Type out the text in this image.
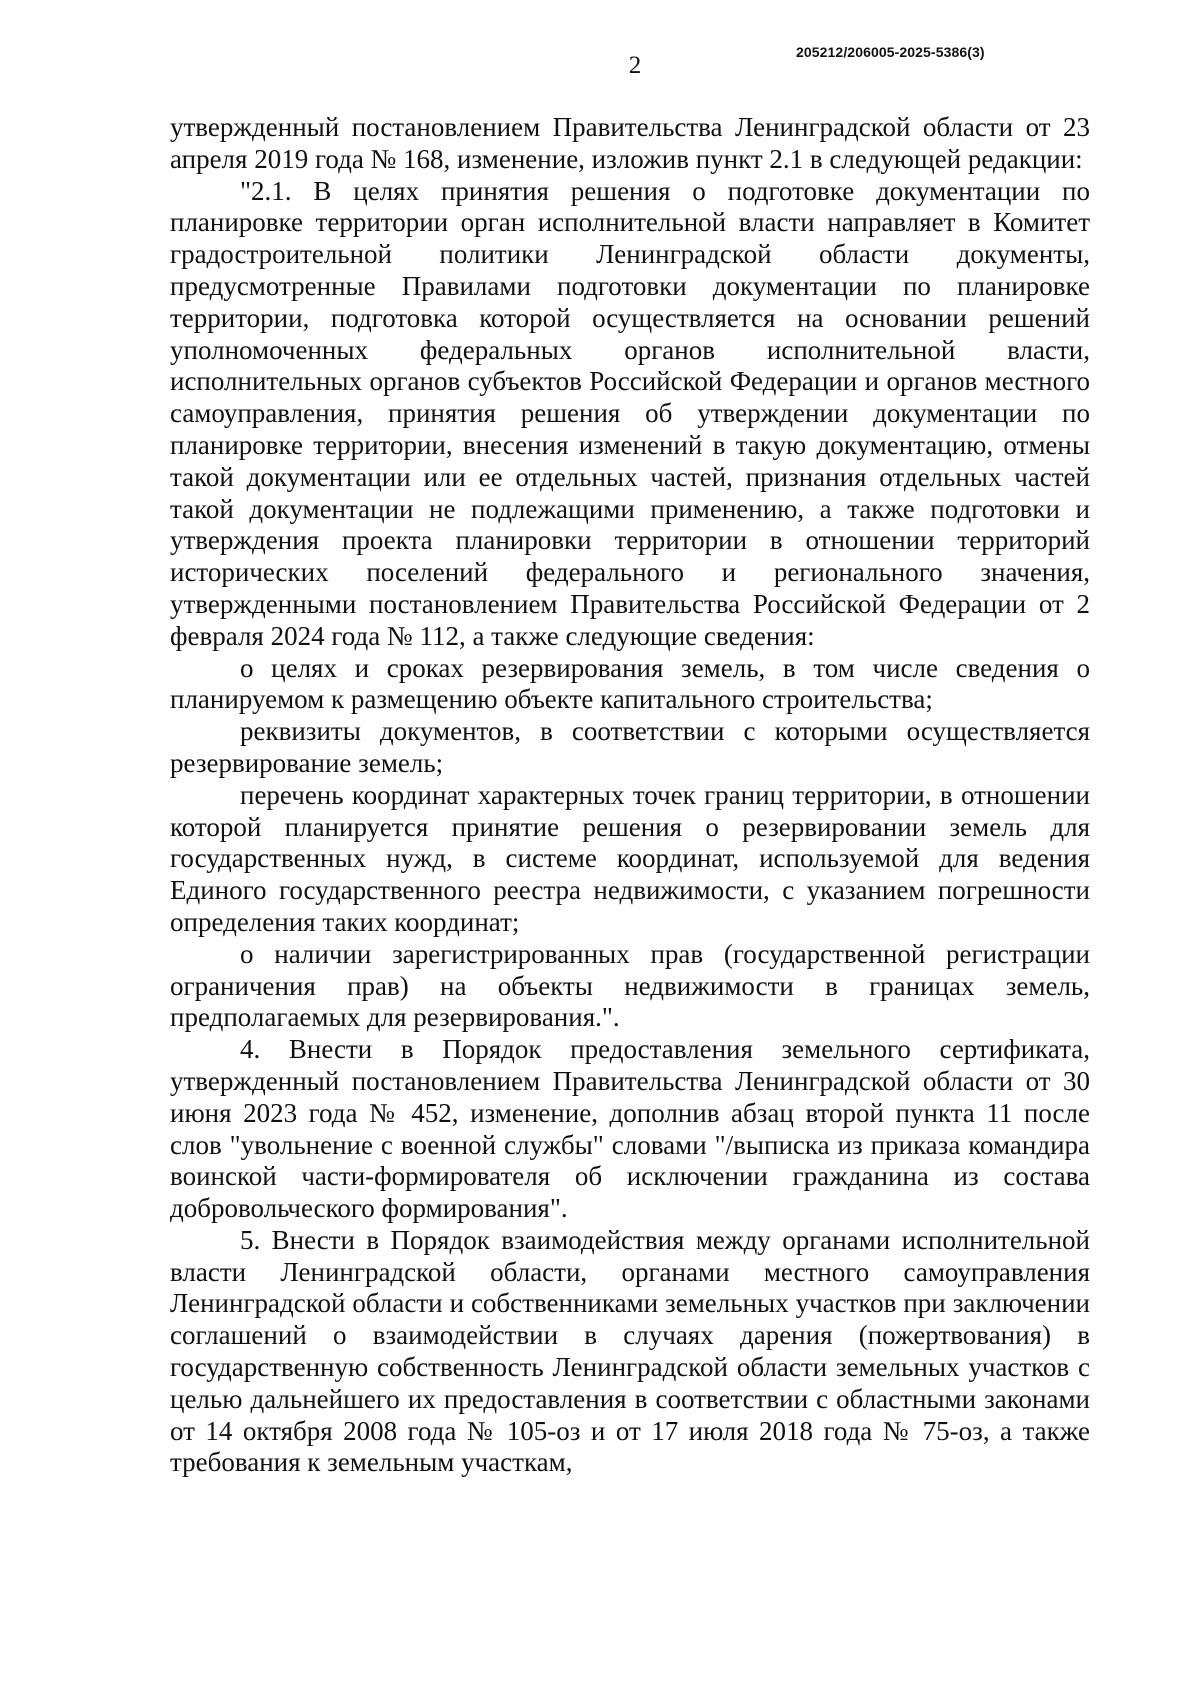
2	205212/206005-2025-5386(3)

утвержденный постановлением Правительства Ленинградской области от 23 апреля 2019 года № 168, изменение, изложив пункт 2.1 в следующей редакции:

"2.1. В целях принятия решения о подготовке документации по планировке территории орган исполнительной власти направляет в Комитет градостроительной политики Ленинградской области документы, предусмотренные Правилами подготовки документации по планировке территории, подготовка которой осуществляется на основании решений уполномоченных федеральных органов исполнительной власти, исполнительных органов субъектов Российской Федерации и органов местного самоуправления, принятия решения об утверждении документации по планировке территории, внесения изменений в такую документацию, отмены такой документации или ее отдельных частей, признания отдельных частей такой документации не подлежащими применению, а также подготовки и утверждения проекта планировки территории в отношении территорий исторических поселений федерального и регионального значения, утвержденными постановлением Правительства Российской Федерации от 2 февраля 2024 года № 112, а также следующие сведения:

о целях и сроках резервирования земель, в том числе сведения о планируемом к размещению объекте капитального строительства;

реквизиты документов, в соответствии с которыми осуществляется резервирование земель;

перечень координат характерных точек границ территории, в отношении которой планируется принятие решения о резервировании земель для государственных нужд, в системе координат, используемой для ведения Единого государственного реестра недвижимости, с указанием погрешности определения таких координат;

о наличии зарегистрированных прав (государственной регистрации ограничения прав) на объекты недвижимости в границах земель, предполагаемых для резервирования.".

4. Внести в Порядок предоставления земельного сертификата, утвержденный постановлением Правительства Ленинградской области от 30 июня 2023 года № 452, изменение, дополнив абзац второй пункта 11 после слов "увольнение с военной службы" словами "/выписка из приказа командира воинской части-формирователя об исключении гражданина из состава добровольческого формирования".

5. Внести в Порядок взаимодействия между органами исполнительной власти Ленинградской области, органами местного самоуправления Ленинградской области и собственниками земельных участков при заключении соглашений о взаимодействии в случаях дарения (пожертвования) в государственную собственность Ленинградской области земельных участков с целью дальнейшего их предоставления в соответствии с областными законами от 14 октября 2008 года № 105-оз и от 17 июля 2018 года № 75-оз, а также требования к земельным участкам,
